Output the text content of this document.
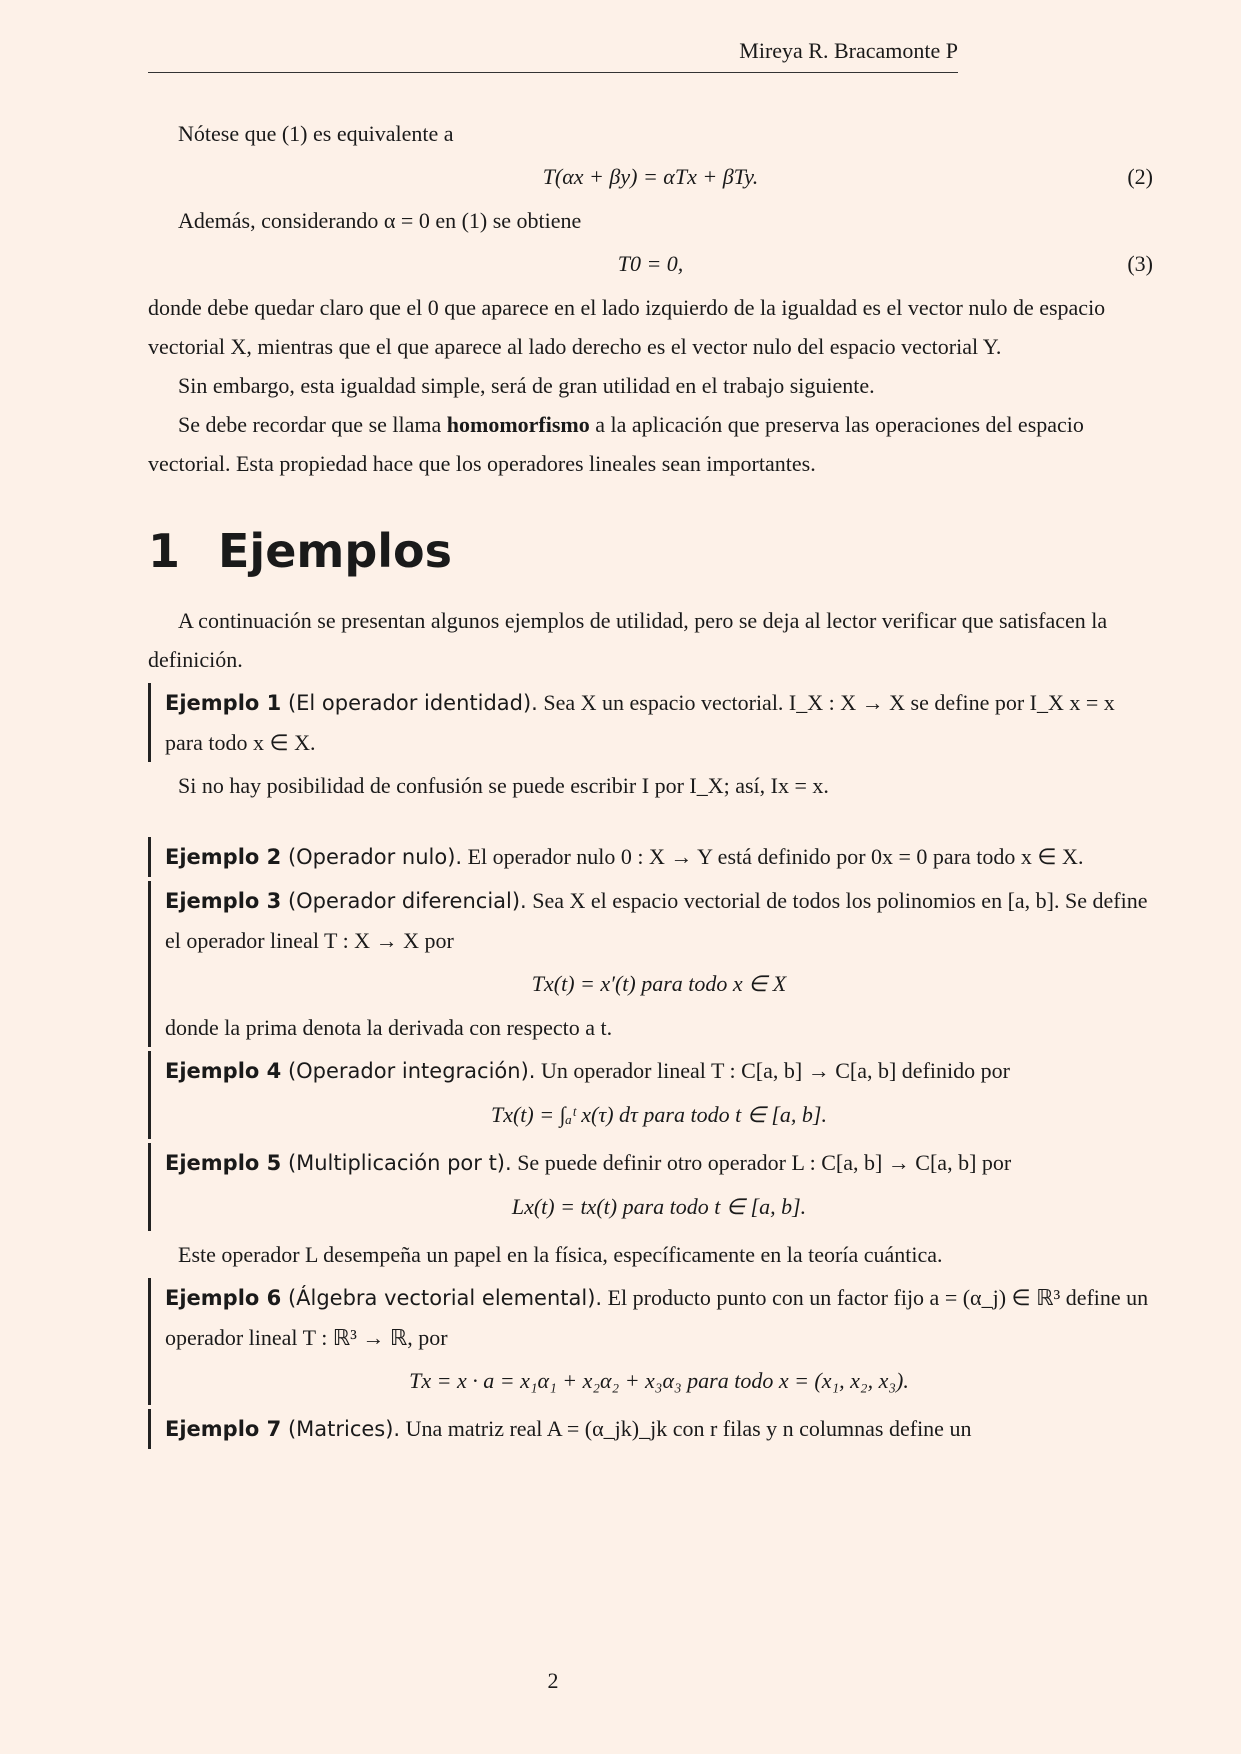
Mireya R. Bracamonte P

Nótese que (1) es equivalente a

T(αx + βy) = αTx + βTy.	(2)

Además, considerando α = 0 en (1) se obtiene

T0 = 0,	(3)

donde debe quedar claro que el 0 que aparece en el lado izquierdo de la igualdad es el vector nulo de espacio vectorial X, mientras que el que aparece al lado derecho es el vector nulo del espacio vectorial Y.

Sin embargo, esta igualdad simple, será de gran utilidad en el trabajo siguiente.

Se debe recordar que se llama homomorfismo a la aplicación que preserva las operaciones del espacio vectorial. Esta propiedad hace que los operadores lineales sean importantes.

1 Ejemplos

A continuación se presentan algunos ejemplos de utilidad, pero se deja al lector verificar que satisfacen la definición.

Ejemplo 1 (El operador identidad). Sea X un espacio vectorial. I_X : X → X se define por I_X x = x para todo x ∈ X.

Si no hay posibilidad de confusión se puede escribir I por I_X; así, Ix = x.

Ejemplo 2 (Operador nulo). El operador nulo 0 : X → Y está definido por 0x = 0 para todo x ∈ X.
Ejemplo 3 (Operador diferencial). Sea X el espacio vectorial de todos los polinomios en [a, b]. Se define el operador lineal T : X → X por
Tx(t) = x′(t) para todo x ∈ X

donde la prima denota la derivada con respecto a t.

Ejemplo 4 (Operador integración). Un operador lineal T : C[a, b] → C[a, b] definido por
Tx(t) = ∫ₐᵗ x(τ) dτ para todo t ∈ [a, b].
Ejemplo 5 (Multiplicación por t). Se puede definir otro operador L : C[a, b] → C[a, b] por
Lx(t) = tx(t) para todo t ∈ [a, b].

Este operador L desempeña un papel en la física, específicamente en la teoría cuántica.

Ejemplo 6 (Álgebra vectorial elemental). El producto punto con un factor fijo a = (α_j) ∈ ℝ³ define un operador lineal T : ℝ³ → ℝ, por
Tx = x · a = x₁α₁ + x₂α₂ + x₃α₃ para todo x = (x₁, x₂, x₃).
Ejemplo 7 (Matrices). Una matriz real A = (α_jk)_jk con r filas y n columnas define un
2
